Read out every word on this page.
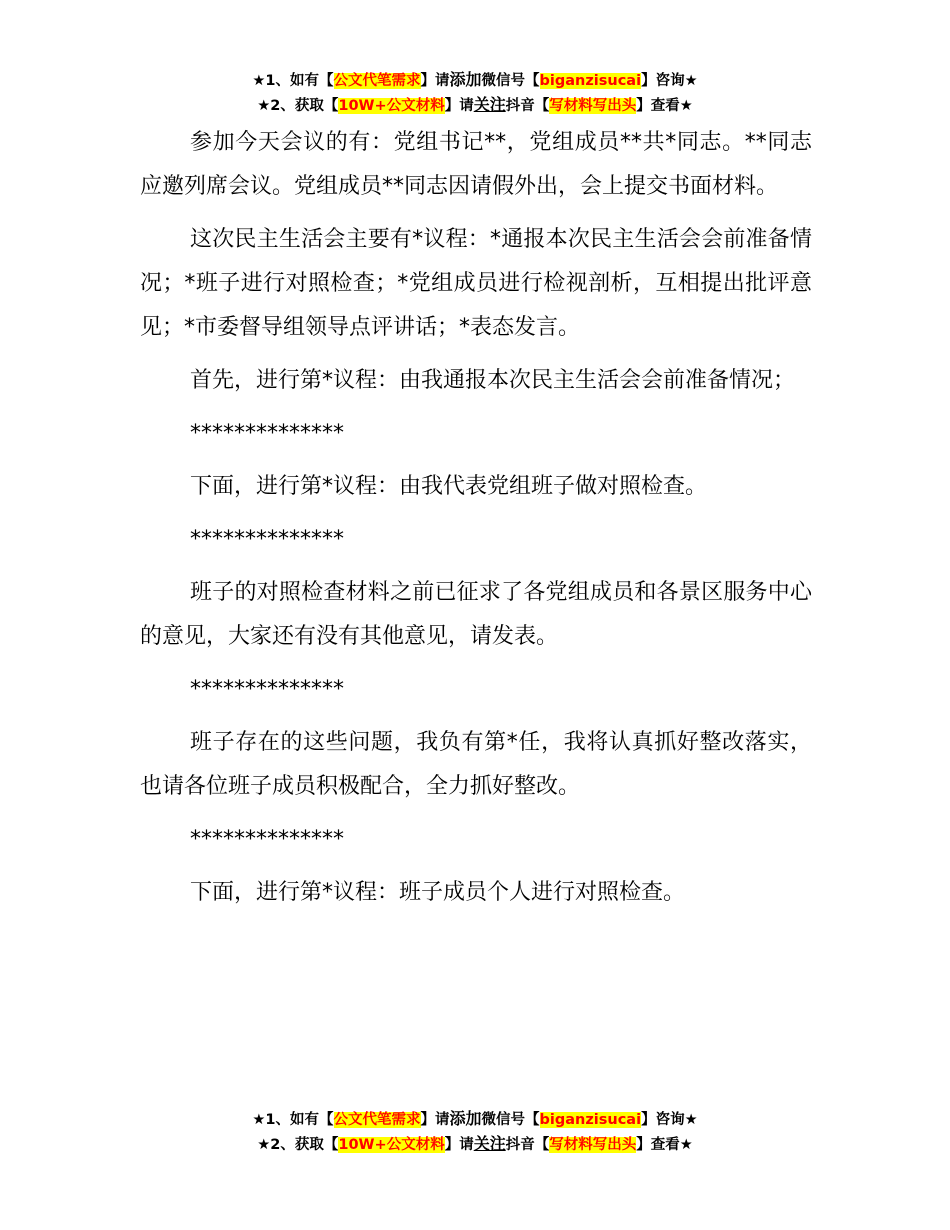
★1、如有【公文代笔需求】请添加微信号【biganzisucai】咨询★
★2、获取【10W+公文材料】请关注抖音【写材料写出头】查看★

参加今天会议的有：党组书记**，党组成员**共*同志。**同志应邀列席会议。党组成员**同志因请假外出，会上提交书面材料。

这次民主生活会主要有*议程：*通报本次民主生活会会前准备情况；*班子进行对照检查；*党组成员进行检视剖析，互相提出批评意见；*市委督导组领导点评讲话；*表态发言。

首先，进行第*议程：由我通报本次民主生活会会前准备情况；

**************

下面，进行第*议程：由我代表党组班子做对照检查。

**************

班子的对照检查材料之前已征求了各党组成员和各景区服务中心的意见，大家还有没有其他意见，请发表。

**************

班子存在的这些问题，我负有第*任，我将认真抓好整改落实，也请各位班子成员积极配合，全力抓好整改。

**************

下面，进行第*议程：班子成员个人进行对照检查。

★1、如有【公文代笔需求】请添加微信号【biganzisucai】咨询★
★2、获取【10W+公文材料】请关注抖音【写材料写出头】查看★
